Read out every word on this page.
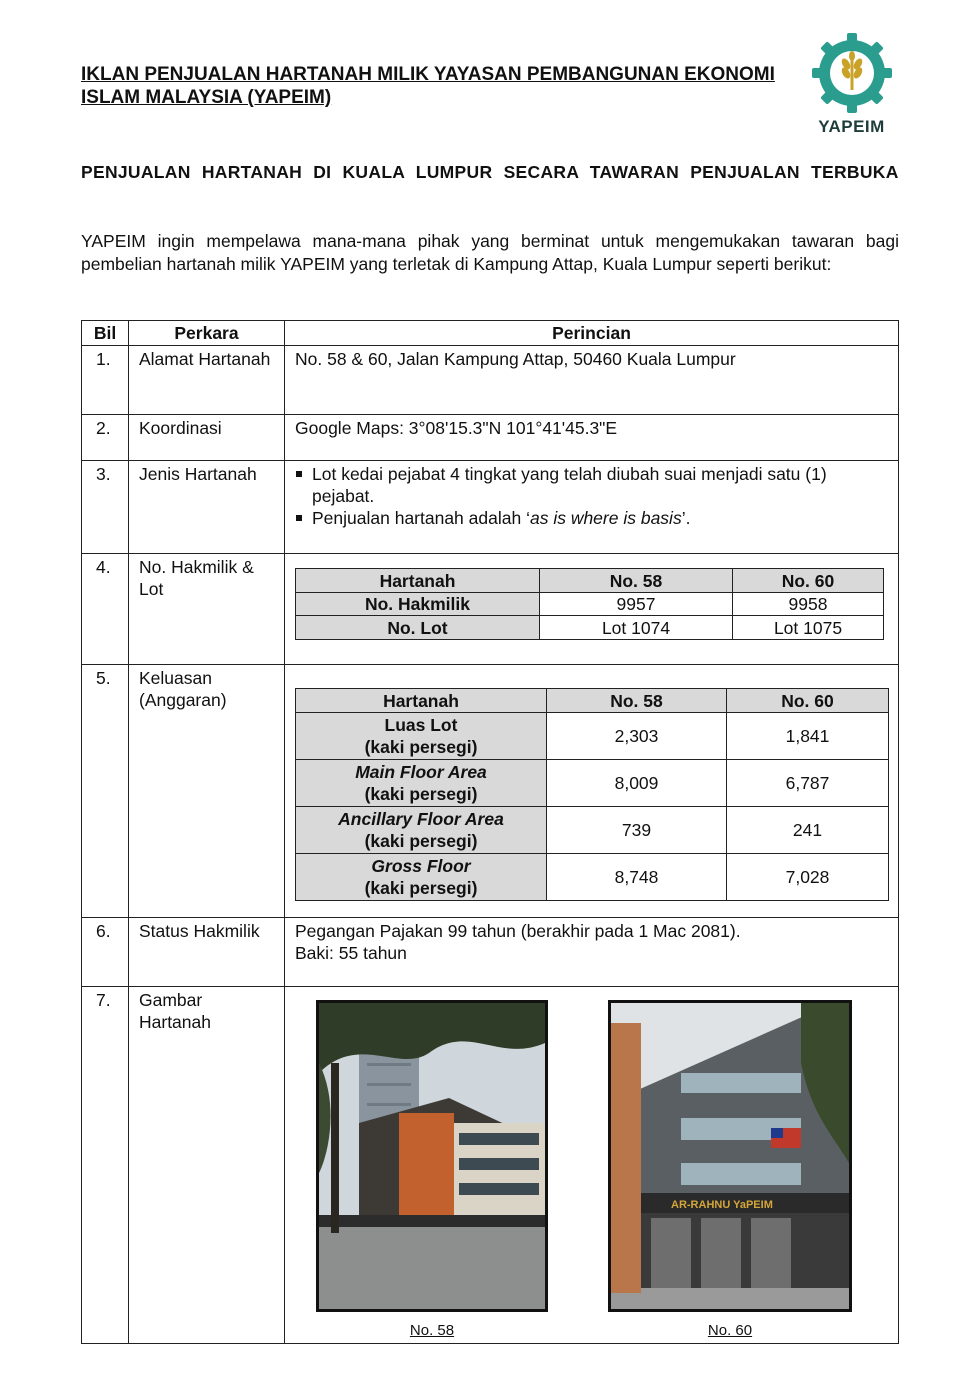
IKLAN PENJUALAN HARTANAH MILIK YAYASAN PEMBANGUNAN EKONOMI ISLAM MALAYSIA (YAPEIM)
YAPEIM
PENJUALAN HARTANAH DI KUALA LUMPUR SECARA TAWARAN PENJUALAN TERBUKA
YAPEIM ingin mempelawa mana-mana pihak yang berminat untuk mengemukakan tawaran bagi pembelian hartanah milik YAPEIM yang terletak di Kampung Attap, Kuala Lumpur seperti berikut:
Bil	Perkara	Perincian
1.	Alamat Hartanah	No. 58 & 60, Jalan Kampung Attap, 50460 Kuala Lumpur
2.	Koordinasi	Google Maps: 3°08'15.3"N 101°41'45.3"E
3.	Jenis Hartanah	Lot kedai pejabat 4 tingkat yang telah diubah suai menjadi satu (1) pejabat.
Penjualan hartanah adalah ‘as is where is basis’.

4.	No. Hakmilik & Lot		Hartanah	No. 58	No. 60
No. Hakmilik	9957	9958
No. Lot	Lot 1074	Lot 1075

5.	Keluasan (Anggaran)		Hartanah	No. 58	No. 60

Luas Lot
(kaki persegi)
	2,303	1,841

Main Floor Area
(kaki persegi)
	8,009	6,787

Ancillary Floor Area
(kaki persegi)
	739	241

Gross Floor
(kaki persegi)
	8,748	7,028

6.	Status Hakmilik	Pegangan Pajakan 99 tahun (berakhir pada 1 Mac 2081).
Baki: 55 tahun

7.	Gambar Hartanah	
AR-RAHNU YaPEIM
No. 58	No. 60
